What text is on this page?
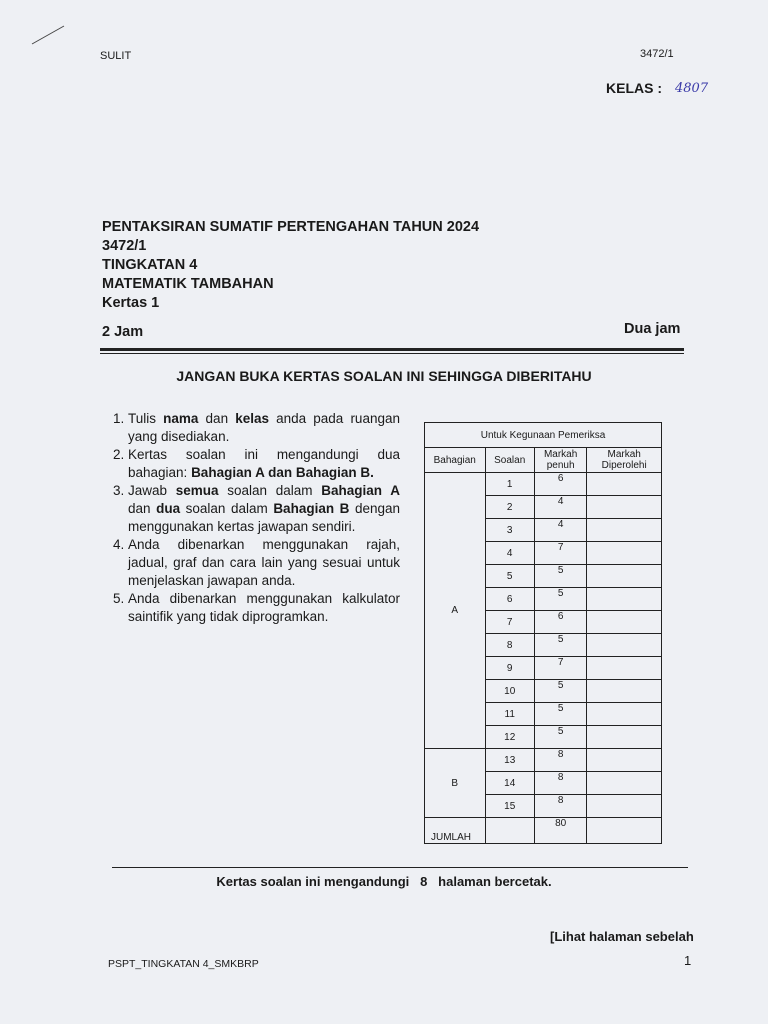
SULIT	3472/1
KELAS : 4807
PENTAKSIRAN SUMATIF PERTENGAHAN TAHUN 2024
3472/1
TINGKATAN 4
MATEMATIK TAMBAHAN
Kertas 1
2 Jam	Dua jam
JANGAN BUKA KERTAS SOALAN INI SEHINGGA DIBERITAHU
1. Tulis nama dan kelas anda pada ruangan yang disediakan.
2. Kertas soalan ini mengandungi dua bahagian: Bahagian A dan Bahagian B.
3. Jawab semua soalan dalam Bahagian A dan dua soalan dalam Bahagian B dengan menggunakan kertas jawapan sendiri.
4. Anda dibenarkan menggunakan rajah, jadual, graf dan cara lain yang sesuai untuk menjelaskan jawapan anda.
5. Anda dibenarkan menggunakan kalkulator saintifik yang tidak diprogramkan.
Untuk Kegunaan Pemeriksa			
Bahagian	Soalan	Markah penuh	Markah Diperolehi
A	1	6	
	2	4	
	3	4	
	4	7	
	5	5	
	6	5	
	7	6	
	8	5	
	9	7	
	10	5	
	11	5	
	12	5	
B	13	8	
	14	8	
	15	8	
JUMLAH		80	
Kertas soalan ini mengandungi   8   halaman bercetak.
[Lihat halaman sebelah
PSPT_TINGKATAN 4_SMKBRP	1
